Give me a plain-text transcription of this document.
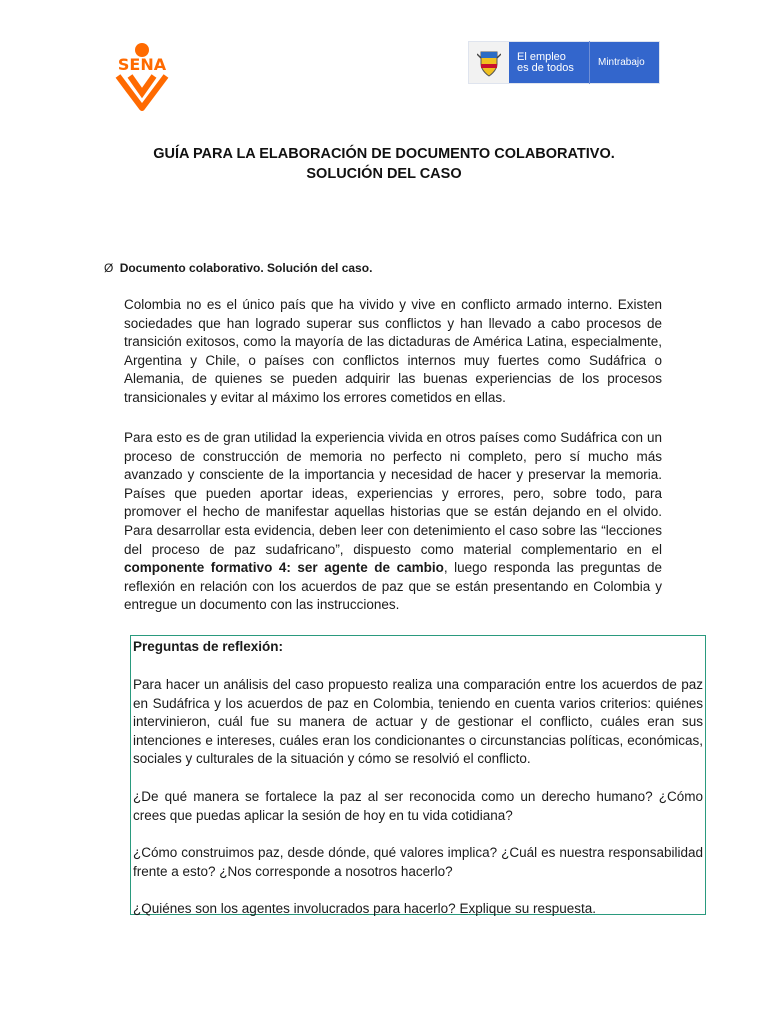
SENA	El empleo
es de todos	Mintrabajo
GUÍA PARA LA ELABORACIÓN DE DOCUMENTO COLABORATIVO.
SOLUCIÓN DEL CASO
Ø Documento colaborativo. Solución del caso.

Colombia no es el único país que ha vivido y vive en conflicto armado interno. Existen sociedades que han logrado superar sus conflictos y han llevado a cabo procesos de transición exitosos, como la mayoría de las dictaduras de América Latina, especialmente, Argentina y Chile, o países con conflictos internos muy fuertes como Sudáfrica o Alemania, de quienes se pueden adquirir las buenas experiencias de los procesos transicionales y evitar al máximo los errores cometidos en ellas.

Para esto es de gran utilidad la experiencia vivida en otros países como Sudáfrica con un proceso de construcción de memoria no perfecto ni completo, pero sí mucho más avanzado y consciente de la importancia y necesidad de hacer y preservar la memoria. Países que pueden aportar ideas, experiencias y errores, pero, sobre todo, para promover el hecho de manifestar aquellas historias que se están dejando en el olvido. Para desarrollar esta evidencia, deben leer con detenimiento el caso sobre las “lecciones del proceso de paz sudafricano”, dispuesto como material complementario en el componente formativo 4: ser agente de cambio, luego responda las preguntas de reflexión en relación con los acuerdos de paz que se están presentando en Colombia y entregue un documento con las instrucciones.

Preguntas de reflexión:

Para hacer un análisis del caso propuesto realiza una comparación entre los acuerdos de paz en Sudáfrica y los acuerdos de paz en Colombia, teniendo en cuenta varios criterios: quiénes intervinieron, cuál fue su manera de actuar y de gestionar el conflicto, cuáles eran sus intenciones e intereses, cuáles eran los condicionantes o circunstancias políticas, económicas, sociales y culturales de la situación y cómo se resolvió el conflicto.

¿De qué manera se fortalece la paz al ser reconocida como un derecho humano? ¿Cómo crees que puedas aplicar la sesión de hoy en tu vida cotidiana?

¿Cómo construimos paz, desde dónde, qué valores implica? ¿Cuál es nuestra responsabilidad frente a esto? ¿Nos corresponde a nosotros hacerlo?

¿Quiénes son los agentes involucrados para hacerlo? Explique su respuesta.
